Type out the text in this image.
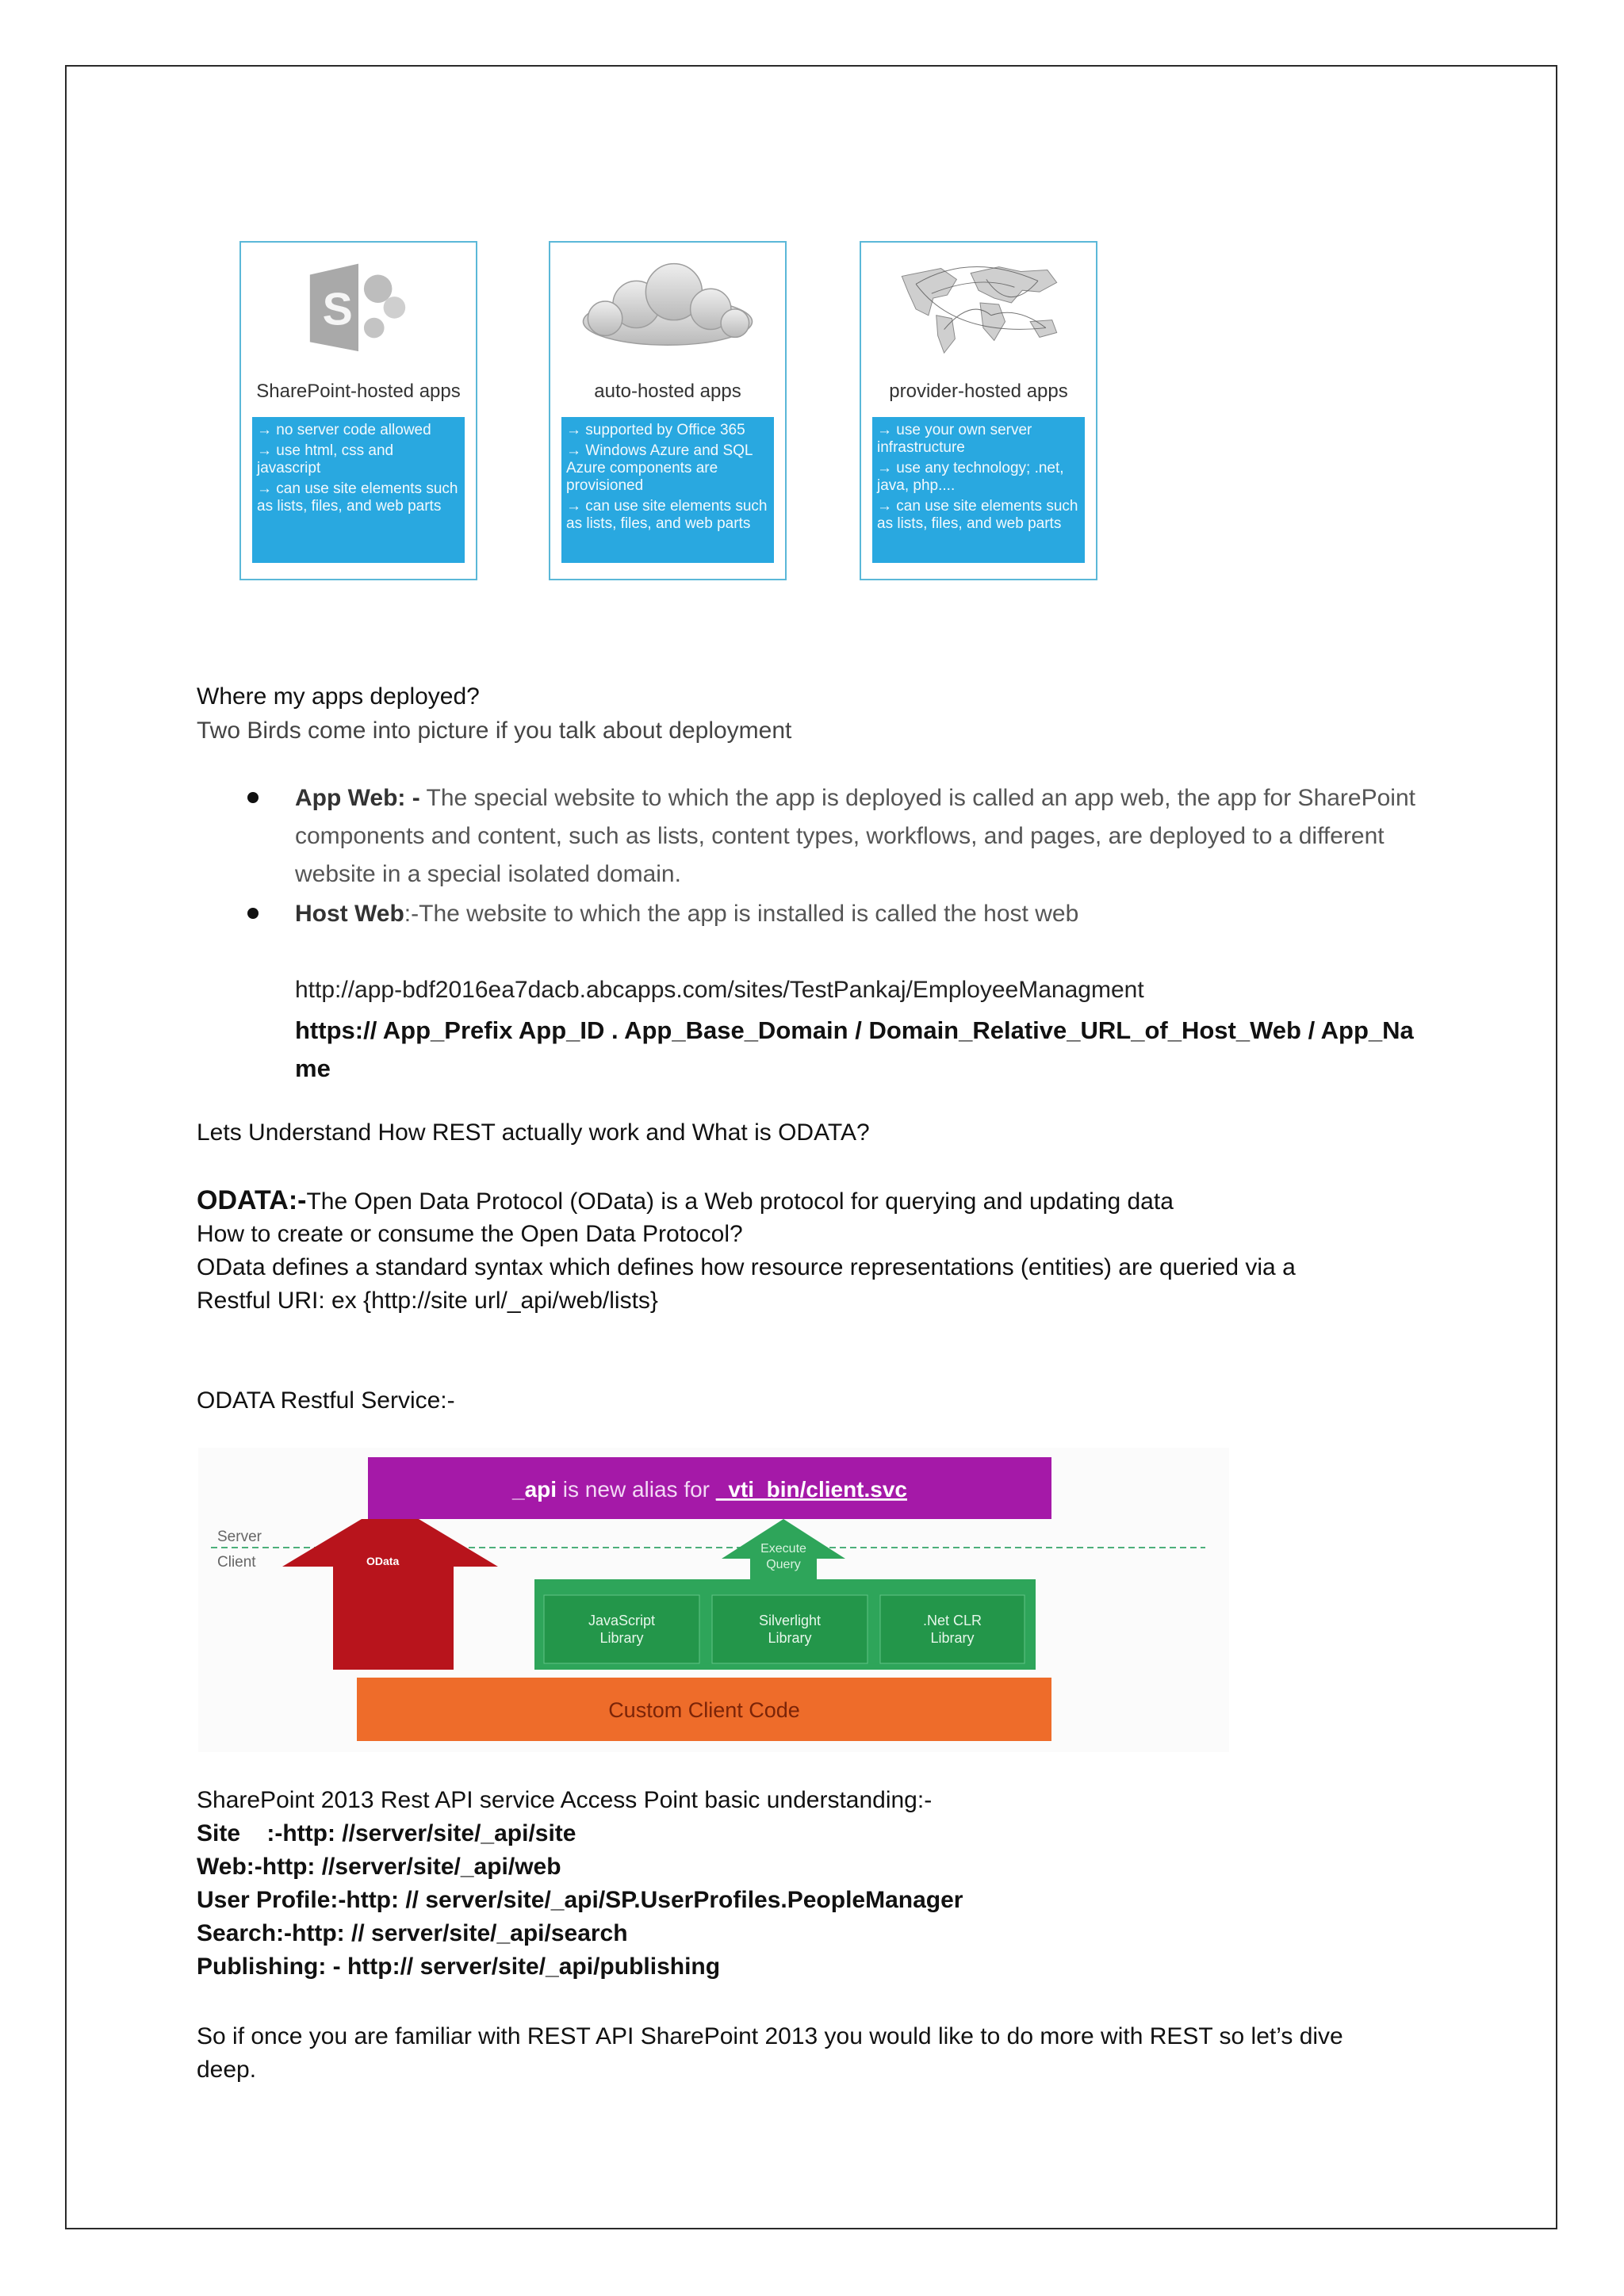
S
SharePoint-hosted apps
→ no server code allowed
→ use html, css and javascript
→ can use site elements such as lists, files, and web parts
auto-hosted apps
→ supported by Office 365
→ Windows Azure and SQL Azure components are provisioned
→ can use site elements such as lists, files, and web parts
provider-hosted apps
→ use your own server infrastructure
→ use any technology; .net, java, php....
→ can use site elements such as lists, files, and web parts
Where my apps deployed?
Two Birds come into picture if you talk about deployment
App Web: - The special website to which the app is deployed is called an app web, the app for SharePoint components and content, such as lists, content types, workflows, and pages, are deployed to a different website in a special isolated domain.
Host Web:-The website to which the app is installed is called the host web
http://app-bdf2016ea7dacb.abcapps.com/sites/TestPankaj/EmployeeManagment
https:// App_Prefix App_ID . App_Base_Domain / Domain_Relative_URL_of_Host_Web / App_Name
Lets Understand How REST actually work and What is ODATA?
ODATA:-The Open Data Protocol (OData) is a Web protocol for querying and updating data
How to create or consume the Open Data Protocol?
OData defines a standard syntax which defines how resource representations (entities) are queried via a
Restful URI: ex {http://site url/_api/web/lists}
ODATA Restful Service:-
_api is new alias for _vti_bin/client.svc
Server
Client	OData
Execute
Query
JavaScript
Library
Silverlight
Library
.Net CLR
Library
Custom Client Code
SharePoint 2013 Rest API service Access Point basic understanding:-
Site    :-http: //server/site/_api/site
Web:-http: //server/site/_api/web
User Profile:-http: // server/site/_api/SP.UserProfiles.PeopleManager
Search:-http: // server/site/_api/search
Publishing: - http:// server/site/_api/publishing
So if once you are familiar with REST API SharePoint 2013 you would like to do more with REST so let’s dive
deep.
